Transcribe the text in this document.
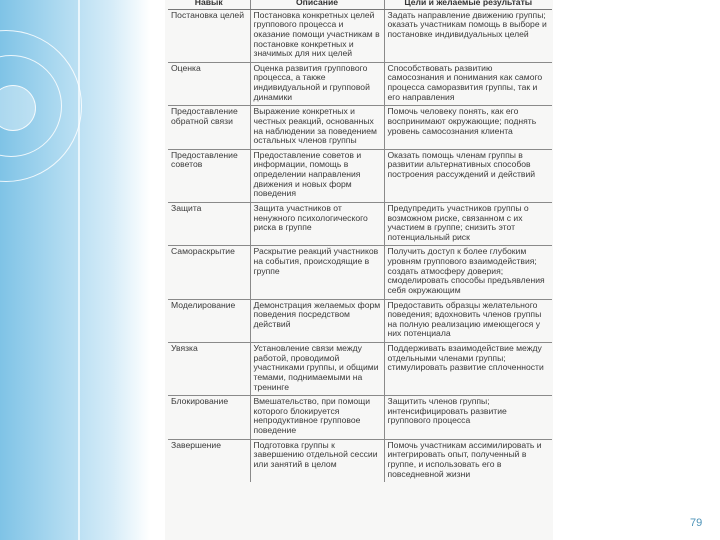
Навык	Описание	Цели и желаемые результаты
Постановка целей	Постановка конкретных целей группового процесса и оказание помощи участникам в постановке конкретных и значимых для них целей	Задать направление движению группы; оказать участникам помощь в выборе и постановке индивидуальных целей
Оценка	Оценка развития группового процесса, а также индивидуальной и групповой динамики	Способствовать развитию самосознания и понимания как самого процесса саморазвития группы, так и его направления
Предоставление обратной связи	Выражение конкретных и честных реакций, основанных на наблюдении за поведением остальных членов группы	Помочь человеку понять, как его воспринимают окружающие; поднять уровень самосознания клиента
Предоставление советов	Предоставление советов и информации, помощь в определении направления движения и новых форм поведения	Оказать помощь членам группы в развитии альтернативных способов построения рассуждений и действий
Защита	Защита участников от ненужного психологического риска в группе	Предупредить участников группы о возможном риске, связанном с их участием в группе; снизить этот потенциальный риск
Самораскрытие	Раскрытие реакций участников на события, происходящие в группе	Получить доступ к более глубоким уровням группового взаимодействия; создать атмосферу доверия; смоделировать способы предъявления себя окружающим
Моделирование	Демонстрация желаемых форм поведения посредством действий	Предоставить образцы желательного поведения; вдохновить членов группы на полную реализацию имеющегося у них потенциала
Увязка	Установление связи между работой, проводимой участниками группы, и общими темами, поднимаемыми на тренинге	Поддерживать взаимодействие между отдельными членами группы; стимулировать развитие сплоченности
Блокирование	Вмешательство, при помощи которого блокируется непродуктивное групповое поведение	Защитить членов группы; интенсифицировать развитие группового процесса
Завершение	Подготовка группы к завершению отдельной сессии или занятий в целом	Помочь участникам ассимилировать и интегрировать опыт, полученный в группе, и использовать его в повседневной жизни
79
